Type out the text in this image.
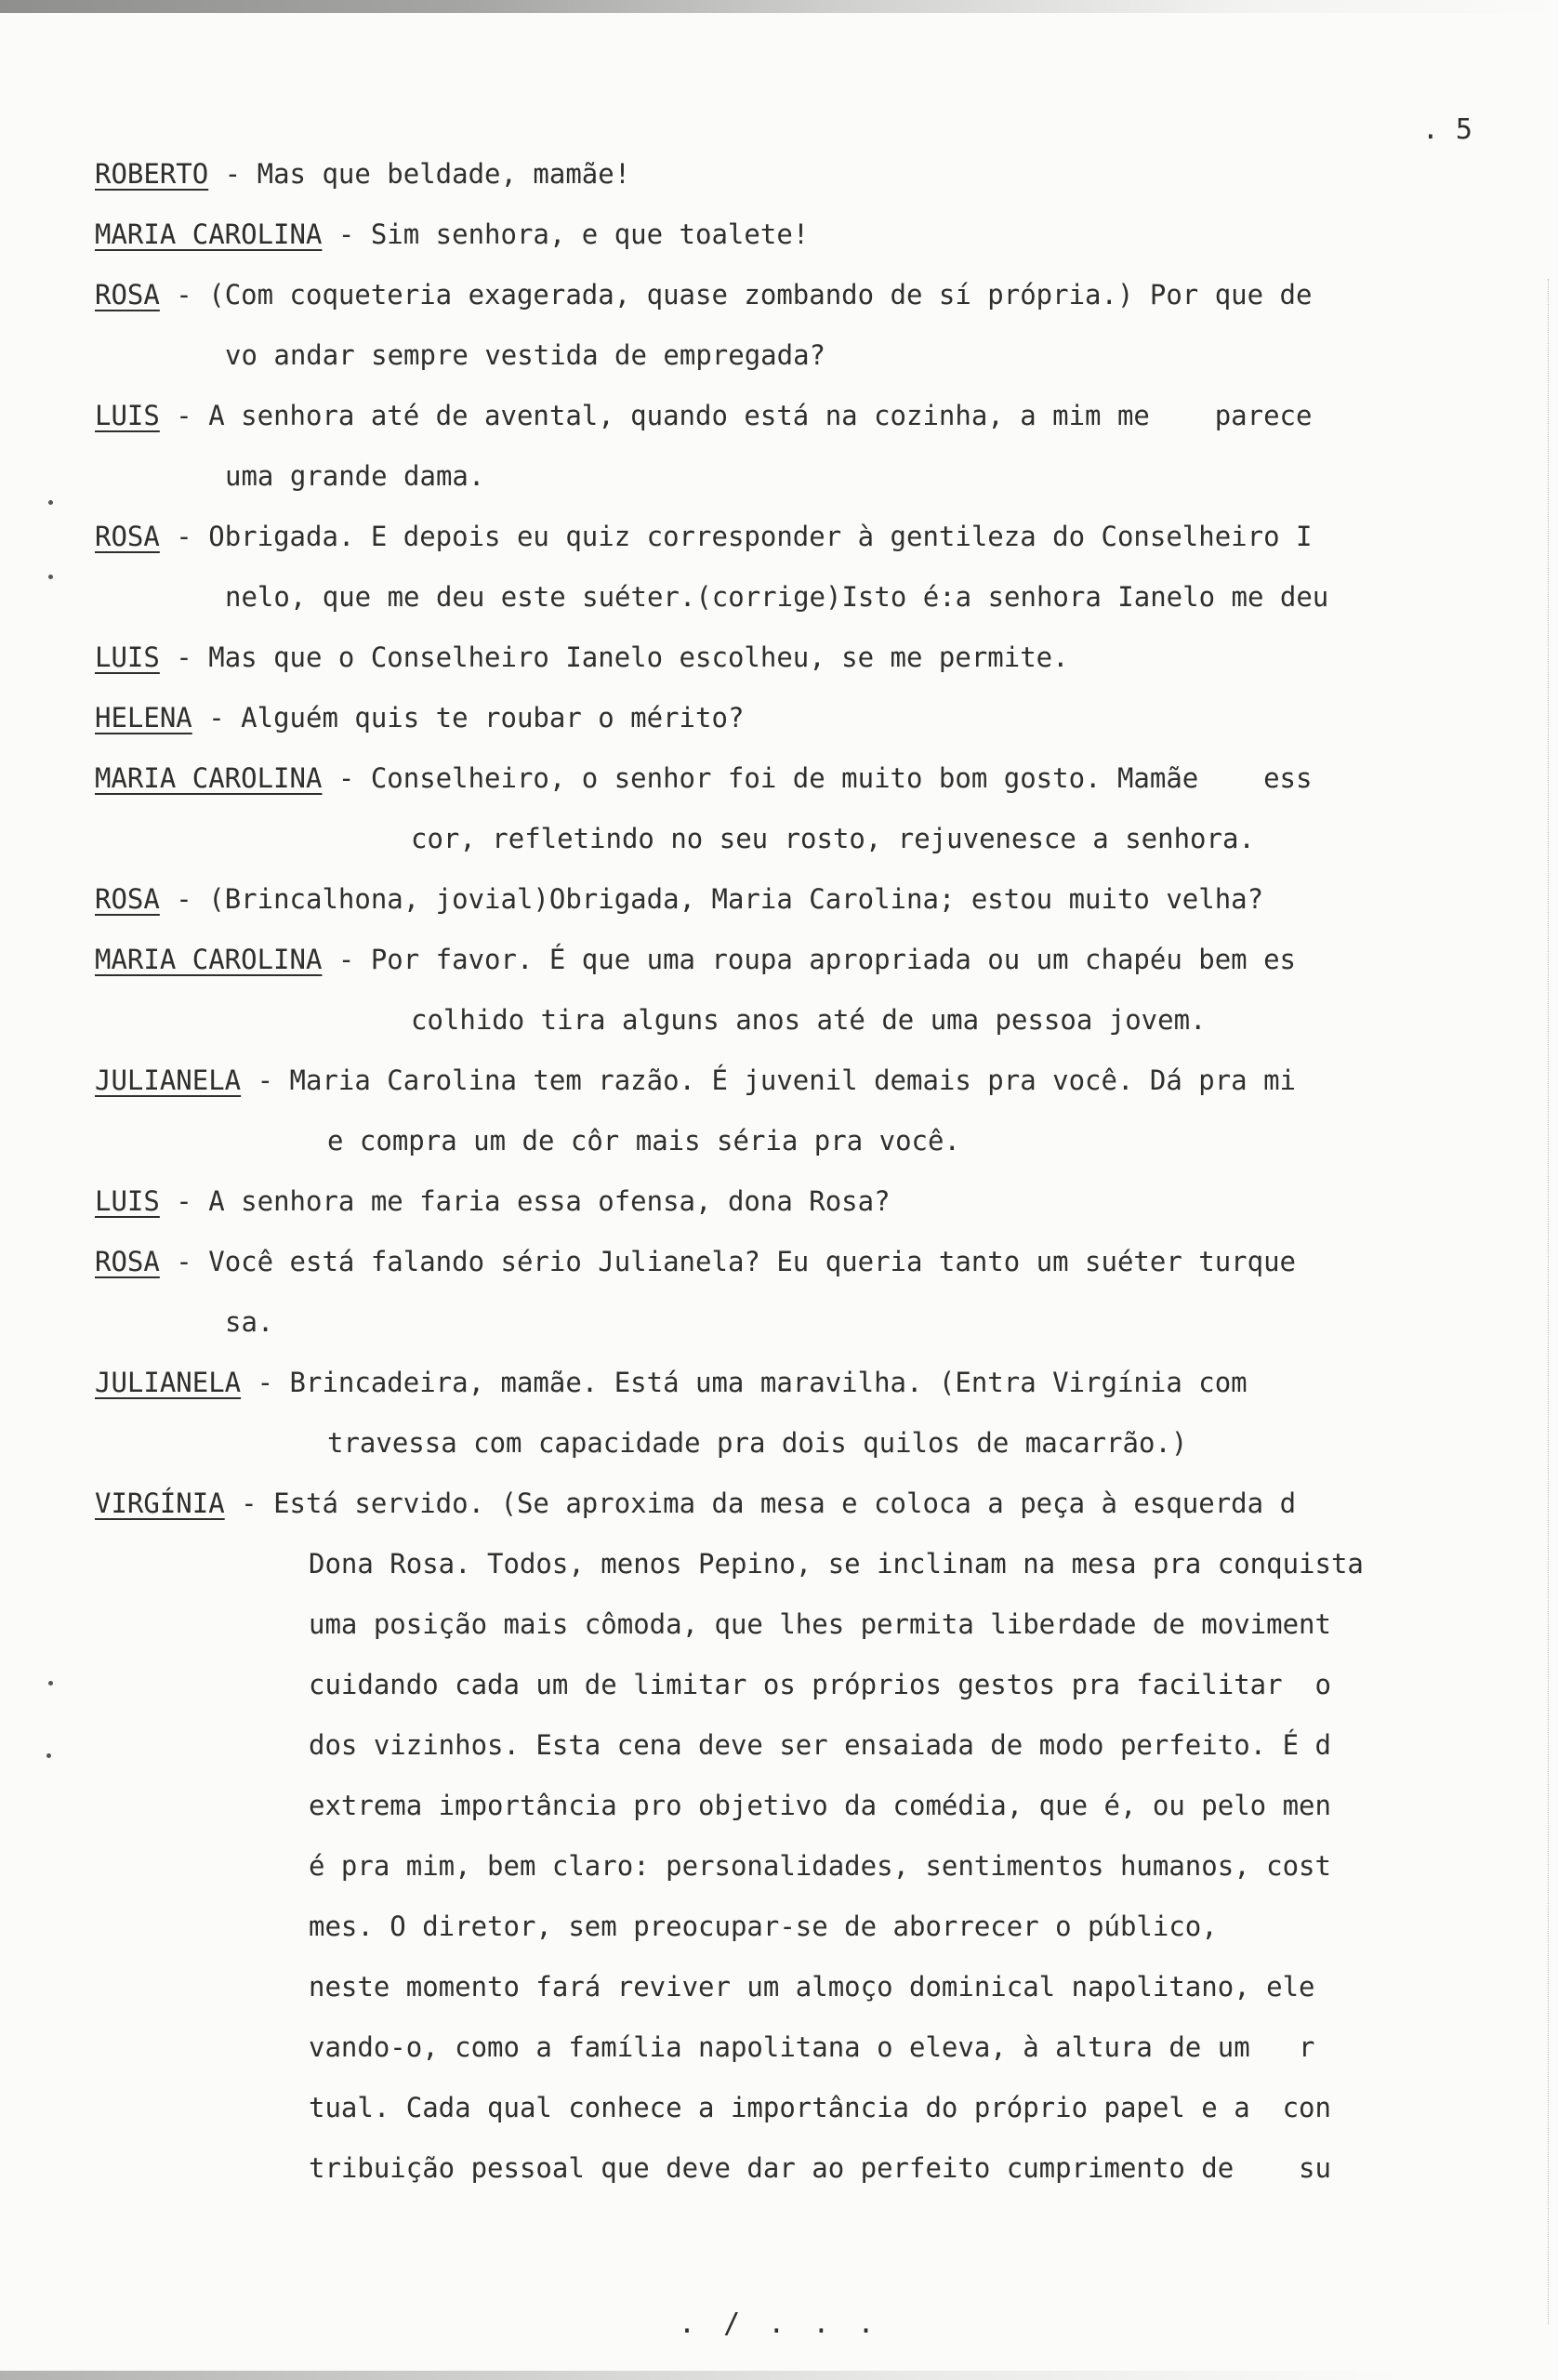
. 5
ROBERTO - Mas que beldade, mamãe!
MARIA CAROLINA - Sim senhora, e que toalete!
ROSA - (Com coqueteria exagerada, quase zombando de sí própria.) Por que de
vo andar sempre vestida de empregada?
LUIS - A senhora até de avental, quando está na cozinha, a mim me    parece
uma grande dama.
ROSA - Obrigada. E depois eu quiz corresponder à gentileza do Conselheiro I
nelo, que me deu este suéter.(corrige)Isto é:a senhora Ianelo me deu
LUIS - Mas que o Conselheiro Ianelo escolheu, se me permite.
HELENA - Alguém quis te roubar o mérito?
MARIA CAROLINA - Conselheiro, o senhor foi de muito bom gosto. Mamãe    ess
cor, refletindo no seu rosto, rejuvenesce a senhora.
ROSA - (Brincalhona, jovial)Obrigada, Maria Carolina; estou muito velha?
MARIA CAROLINA - Por favor. É que uma roupa apropriada ou um chapéu bem es
colhido tira alguns anos até de uma pessoa jovem.
JULIANELA - Maria Carolina tem razão. É juvenil demais pra você. Dá pra mi
e compra um de côr mais séria pra você.
LUIS - A senhora me faria essa ofensa, dona Rosa?
ROSA - Você está falando sério Julianela? Eu queria tanto um suéter turque
sa.
JULIANELA - Brincadeira, mamãe. Está uma maravilha. (Entra Virgínia com
travessa com capacidade pra dois quilos de macarrão.)
VIRGÍNIA - Está servido. (Se aproxima da mesa e coloca a peça à esquerda d
Dona Rosa. Todos, menos Pepino, se inclinam na mesa pra conquista
uma posição mais cômoda, que lhes permita liberdade de moviment
cuidando cada um de limitar os próprios gestos pra facilitar  o
dos vizinhos. Esta cena deve ser ensaiada de modo perfeito. É d
extrema importância pro objetivo da comédia, que é, ou pelo men
é pra mim, bem claro: personalidades, sentimentos humanos, cost
mes. O diretor, sem preocupar-se de aborrecer o público,
neste momento fará reviver um almoço dominical napolitano, ele
vando-o, como a família napolitana o eleva, à altura de um   r
tual. Cada qual conhece a importância do próprio papel e a  con
tribuição pessoal que deve dar ao perfeito cumprimento de    su
. / . . .
